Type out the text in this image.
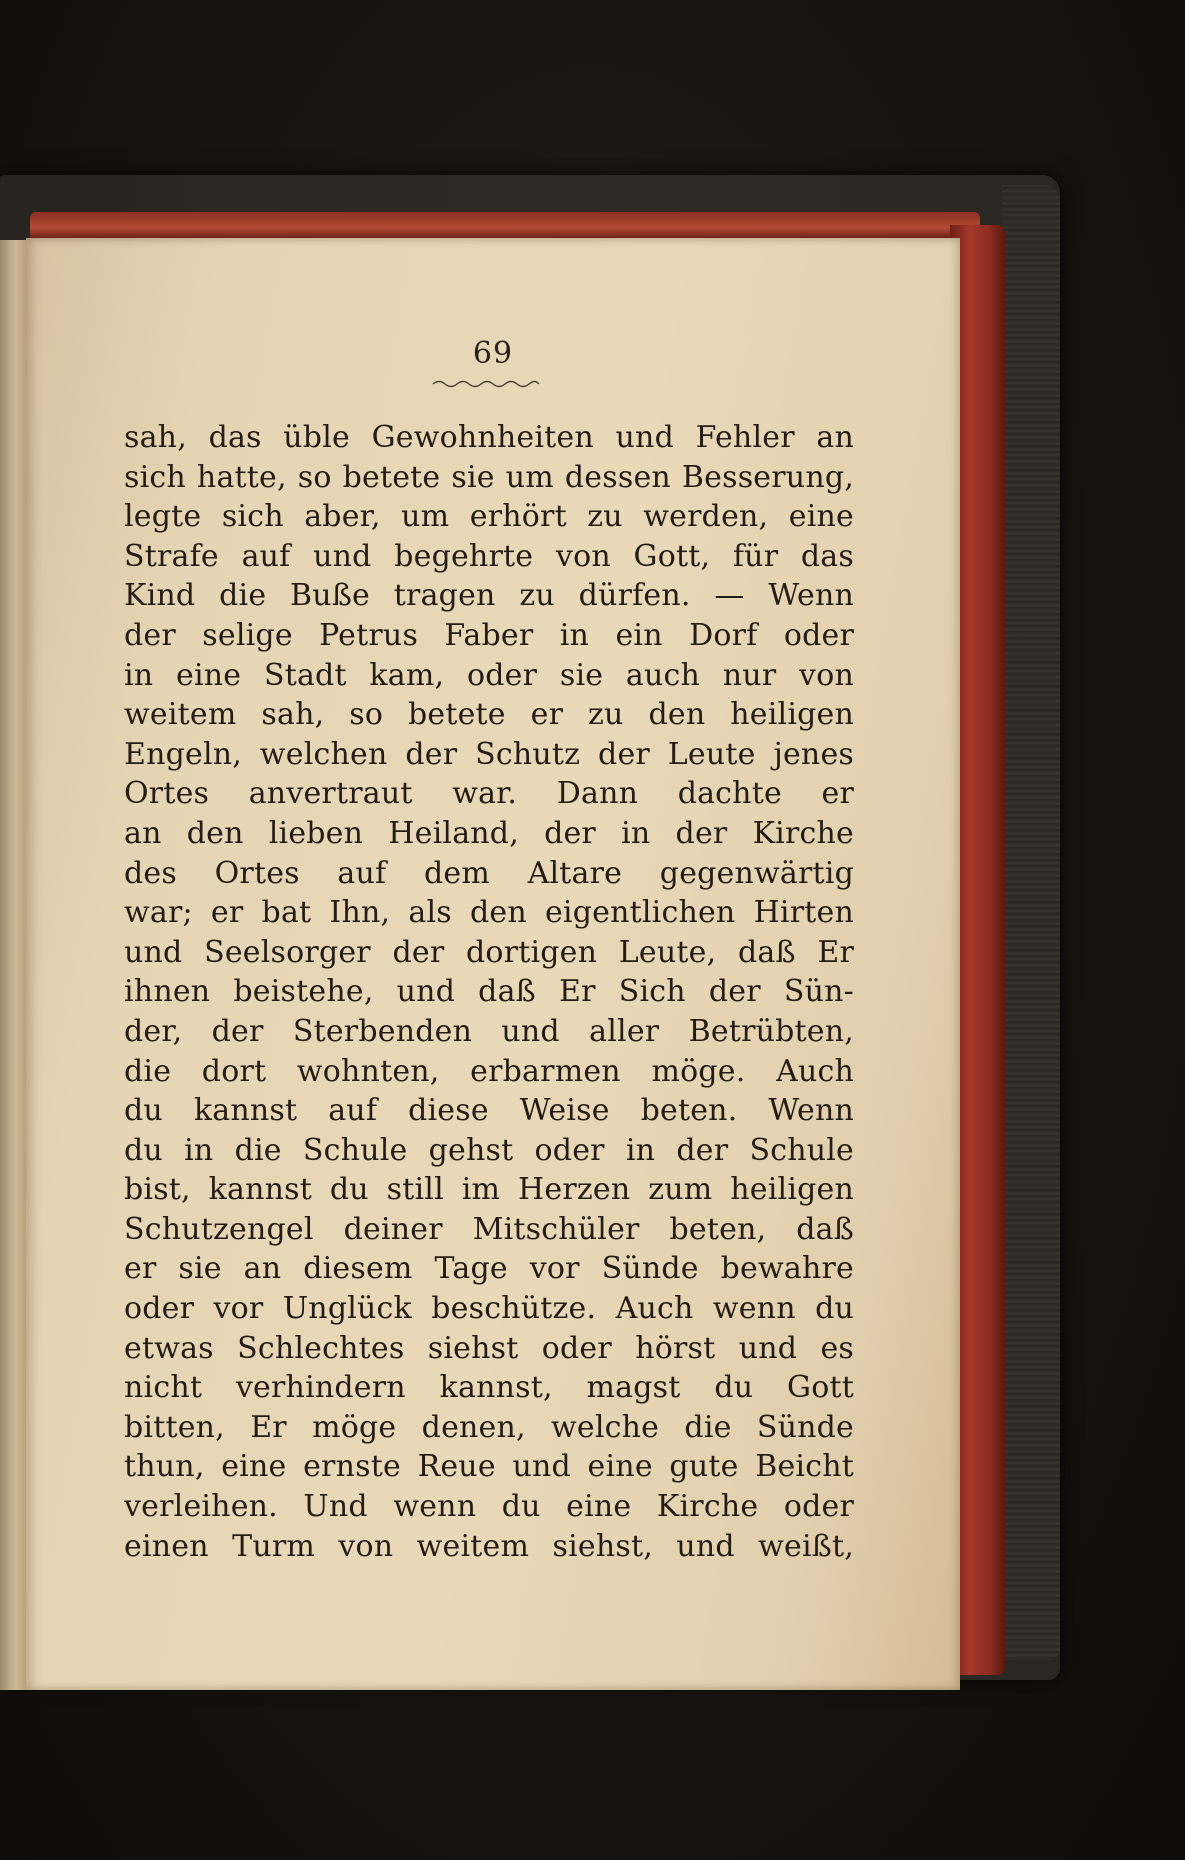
69
sah, das üble Gewohnheiten und Fehler an
sich hatte, so betete sie um dessen Besserung,
legte sich aber, um erhört zu werden, eine
Strafe auf und begehrte von Gott, für das
Kind die Buße tragen zu dürfen. — Wenn
der selige Petrus Faber in ein Dorf oder
in eine Stadt kam, oder sie auch nur von
weitem sah, so betete er zu den heiligen
Engeln, welchen der Schutz der Leute jenes
Ortes anvertraut war. Dann dachte er
an den lieben Heiland, der in der Kirche
des Ortes auf dem Altare gegenwärtig
war; er bat Ihn, als den eigentlichen Hirten
und Seelsorger der dortigen Leute, daß Er
ihnen beistehe, und daß Er Sich der Sün-
der, der Sterbenden und aller Betrübten,
die dort wohnten, erbarmen möge. Auch
du kannst auf diese Weise beten. Wenn
du in die Schule gehst oder in der Schule
bist, kannst du still im Herzen zum heiligen
Schutzengel deiner Mitschüler beten, daß
er sie an diesem Tage vor Sünde bewahre
oder vor Unglück beschütze. Auch wenn du
etwas Schlechtes siehst oder hörst und es
nicht verhindern kannst, magst du Gott
bitten, Er möge denen, welche die Sünde
thun, eine ernste Reue und eine gute Beicht
verleihen. Und wenn du eine Kirche oder
einen Turm von weitem siehst, und weißt,
